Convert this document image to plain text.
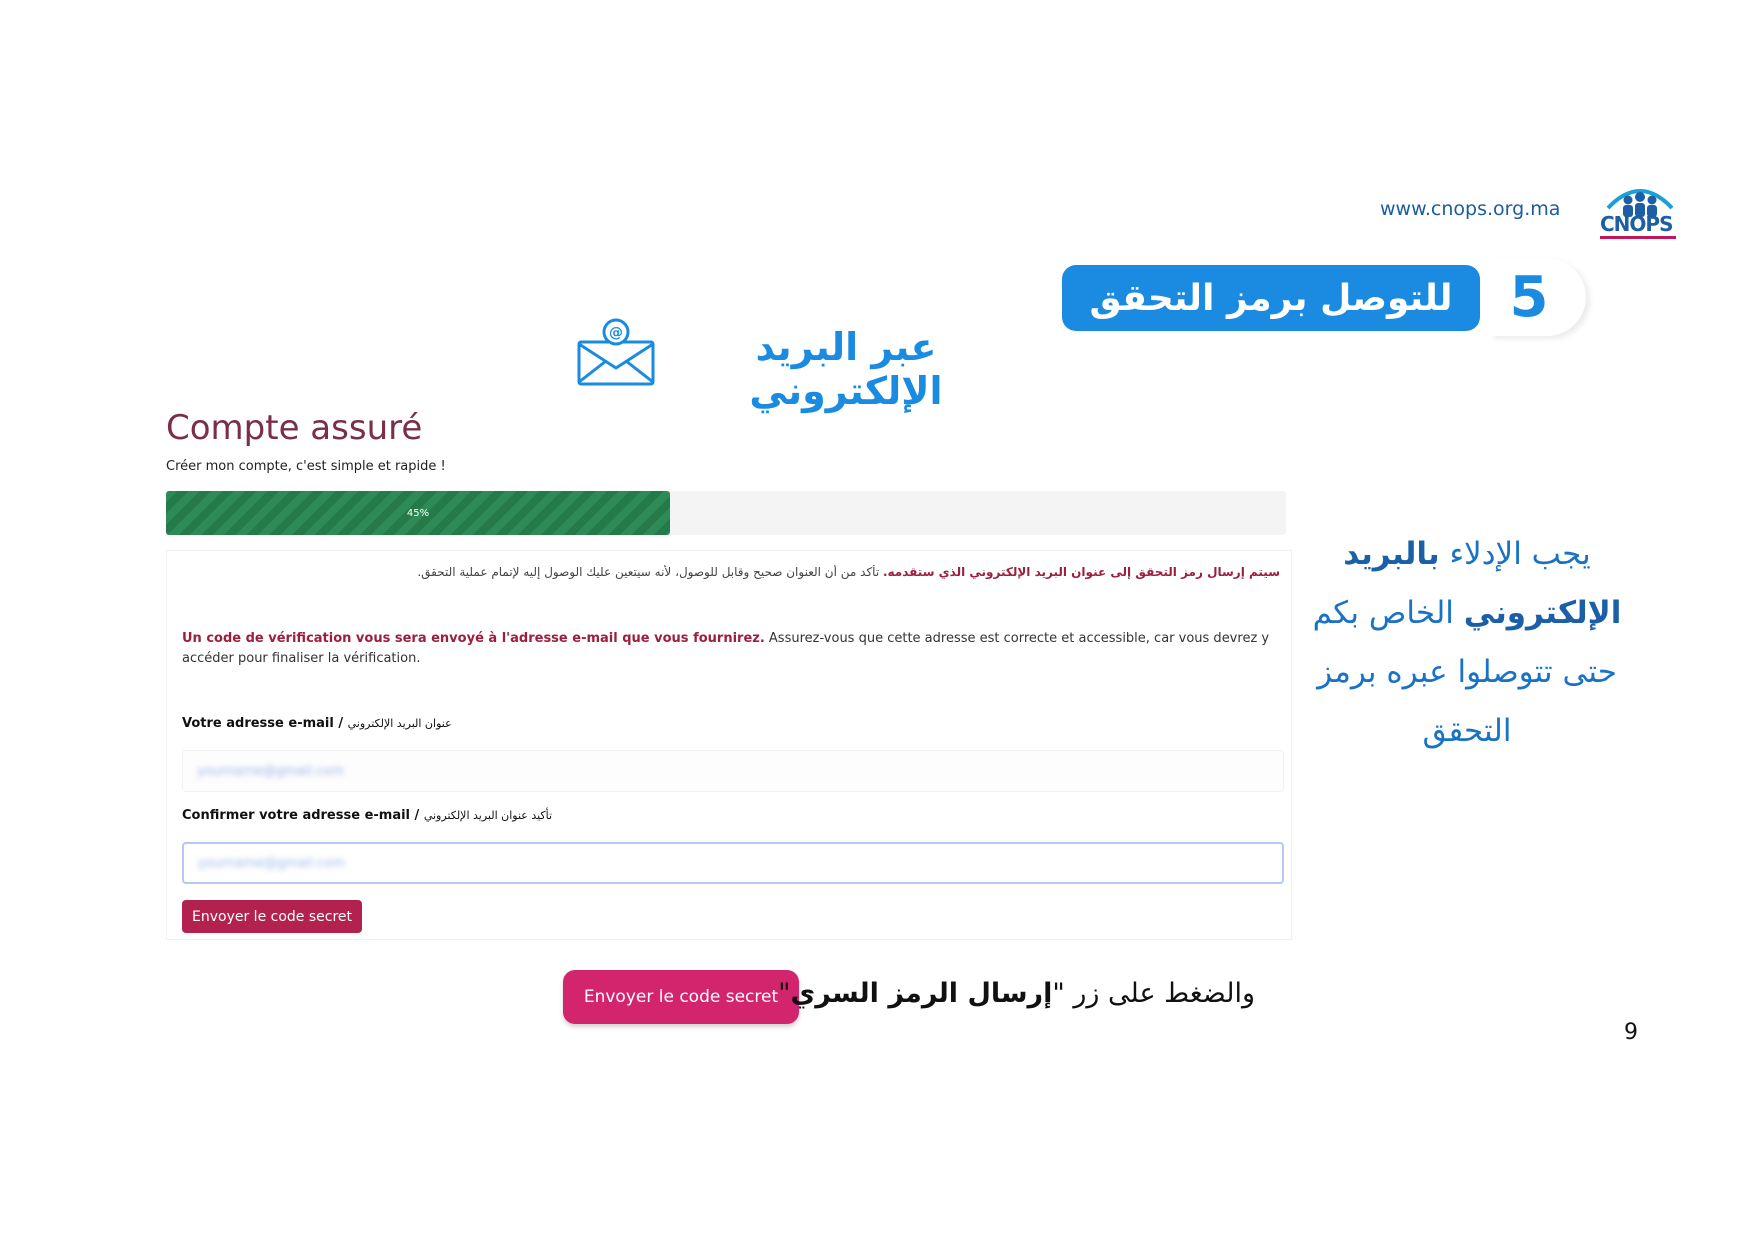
www.cnops.org.ma
CNOPS
للتوصل برمز التحقق	5
عبر البريد الإلكتروني
@
Compte assuré
Créer mon compte, c'est simple et rapide !
45%
سيتم إرسال رمز التحقق إلى عنوان البريد الإلكتروني الذي ستقدمه. تأكد من أن العنوان صحيح وقابل للوصول، لأنه سيتعين عليك الوصول إليه لإتمام عملية التحقق.
Un code de vérification vous sera envoyé à l'adresse e-mail que vous fournirez. Assurez-vous que cette adresse est correcte et accessible, car vous devrez y accéder pour finaliser la vérification.
Votre adresse e-mail / عنوان البريد الإلكتروني
yourname@gmail.com
Confirmer votre adresse e-mail / تأكيد عنوان البريد الإلكتروني
yourname@gmail.com
Envoyer le code secret
يجب الإدلاء بالبريد الإلكتروني الخاص بكم حتى تتوصلوا عبره برمز التحقق
Envoyer le code secret	والضغط على زر "إرسال الرمز السري"
9
